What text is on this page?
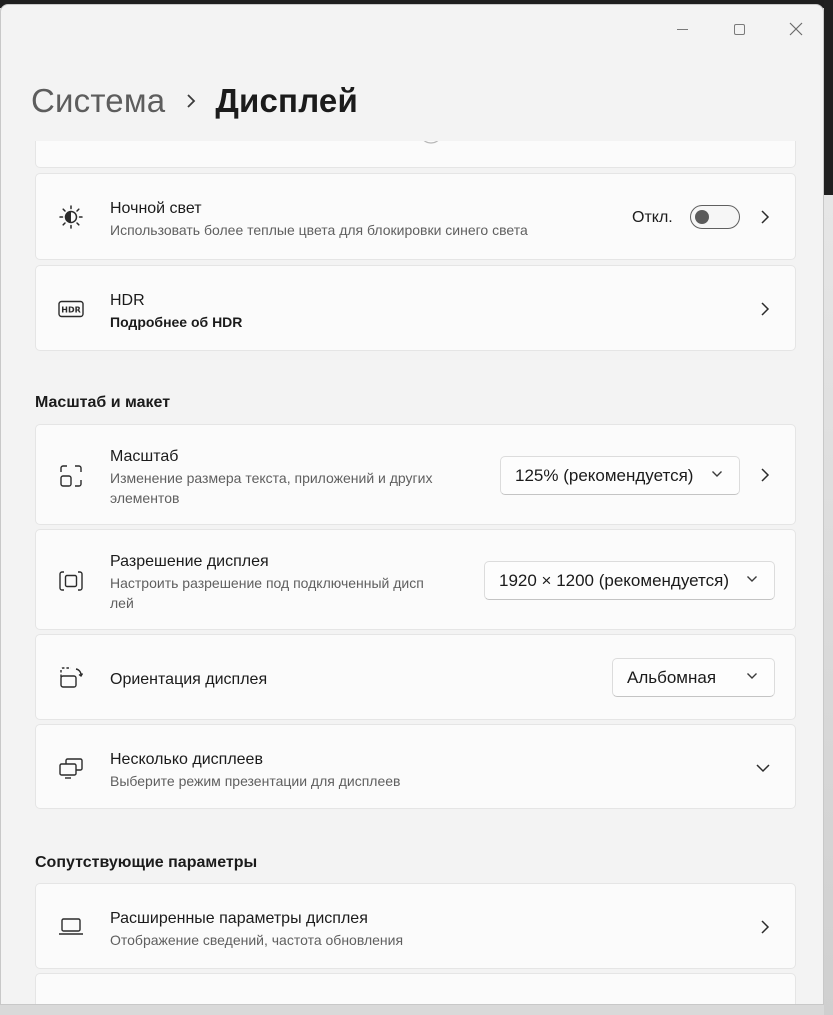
Система Дисплей
Ночной свет
Использовать более теплые цвета для блокировки синего света
Откл.
HDR
HDR
Подробнее об HDR
Масштаб и макет
Масштаб
Изменение размера текста, приложений и других
элементов
125% (рекомендуется)
Разрешение дисплея
Настроить разрешение под подключенный дисп
лей
1920 × 1200 (рекомендуется)
Ориентация дисплея	Альбомная
Несколько дисплеев
Выберите режим презентации для дисплеев
Сопутствующие параметры
Расширенные параметры дисплея
Отображение сведений, частота обновления
